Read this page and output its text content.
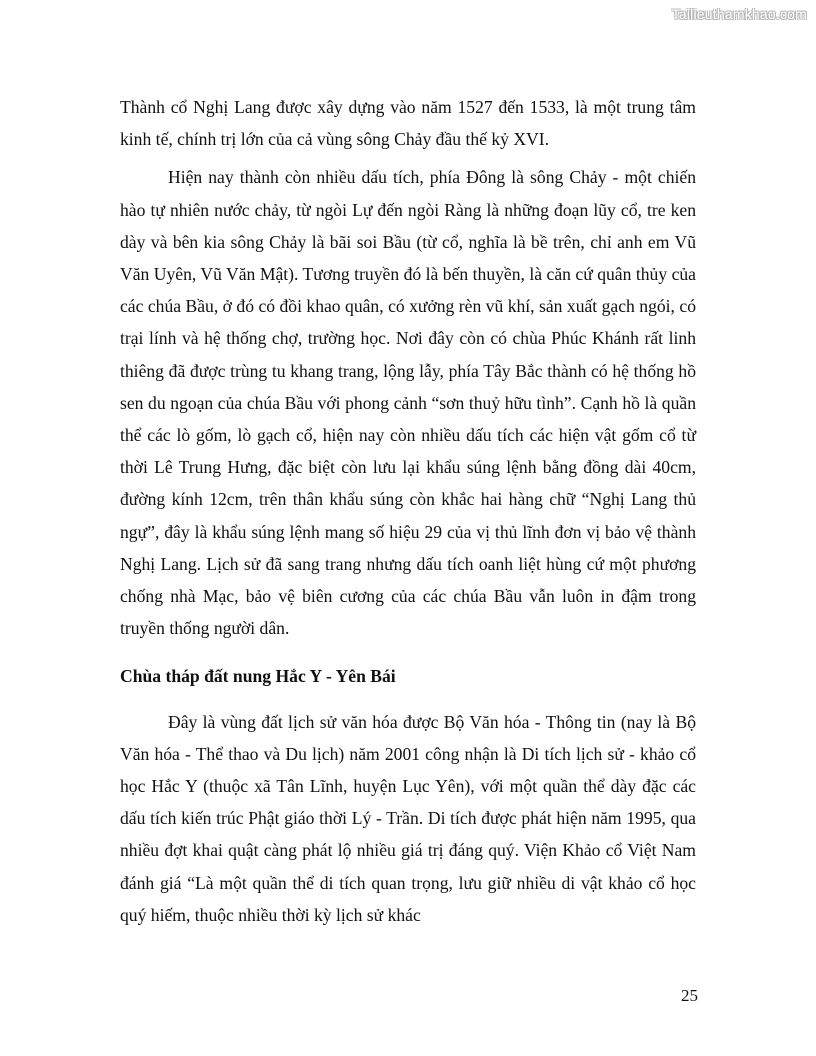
Tailieuthamkhao.com

Thành cổ Nghị Lang được xây dựng vào năm 1527 đến 1533, là một trung tâm kinh tế, chính trị lớn của cả vùng sông Chảy đầu thế kỷ XVI.

Hiện nay thành còn nhiều dấu tích, phía Đông là sông Chảy - một chiến hào tự nhiên nước chảy, từ ngòi Lự đến ngòi Ràng là những đoạn lũy cổ, tre ken dày và bên kia sông Chảy là bãi soi Bầu (từ cổ, nghĩa là bề trên, chỉ anh em Vũ Văn Uyên, Vũ Văn Mật). Tương truyền đó là bến thuyền, là căn cứ quân thủy của các chúa Bầu, ở đó có đồi khao quân, có xưởng rèn vũ khí, sản xuất gạch ngói, có trại lính và hệ thống chợ, trường học. Nơi đây còn có chùa Phúc Khánh rất linh thiêng đã được trùng tu khang trang, lộng lẫy, phía Tây Bắc thành có hệ thống hồ sen du ngoạn của chúa Bầu với phong cảnh “sơn thuỷ hữu tình”. Cạnh hồ là quần thể các lò gốm, lò gạch cổ, hiện nay còn nhiều dấu tích các hiện vật gốm cổ từ thời Lê Trung Hưng, đặc biệt còn lưu lại khẩu súng lệnh bằng đồng dài 40cm, đường kính 12cm, trên thân khẩu súng còn khắc hai hàng chữ “Nghị Lang thủ ngự”, đây là khẩu súng lệnh mang số hiệu 29 của vị thủ lĩnh đơn vị bảo vệ thành Nghị Lang. Lịch sử đã sang trang nhưng dấu tích oanh liệt hùng cứ một phương chống nhà Mạc, bảo vệ biên cương của các chúa Bầu vẫn luôn in đậm trong truyền thống người dân.

Chùa tháp đất nung Hắc Y - Yên Bái

Đây là vùng đất lịch sử văn hóa được Bộ Văn hóa - Thông tin (nay là Bộ Văn hóa - Thể thao và Du lịch) năm 2001 công nhận là Di tích lịch sử - khảo cổ học Hắc Y (thuộc xã Tân Lĩnh, huyện Lục Yên), với một quần thể dày đặc các dấu tích kiến trúc Phật giáo thời Lý - Trần. Di tích được phát hiện năm 1995, qua nhiều đợt khai quật càng phát lộ nhiều giá trị đáng quý. Viện Khảo cổ Việt Nam đánh giá “Là một quần thể di tích quan trọng, lưu giữ nhiều di vật khảo cổ học quý hiếm, thuộc nhiều thời kỳ lịch sử khác

25
